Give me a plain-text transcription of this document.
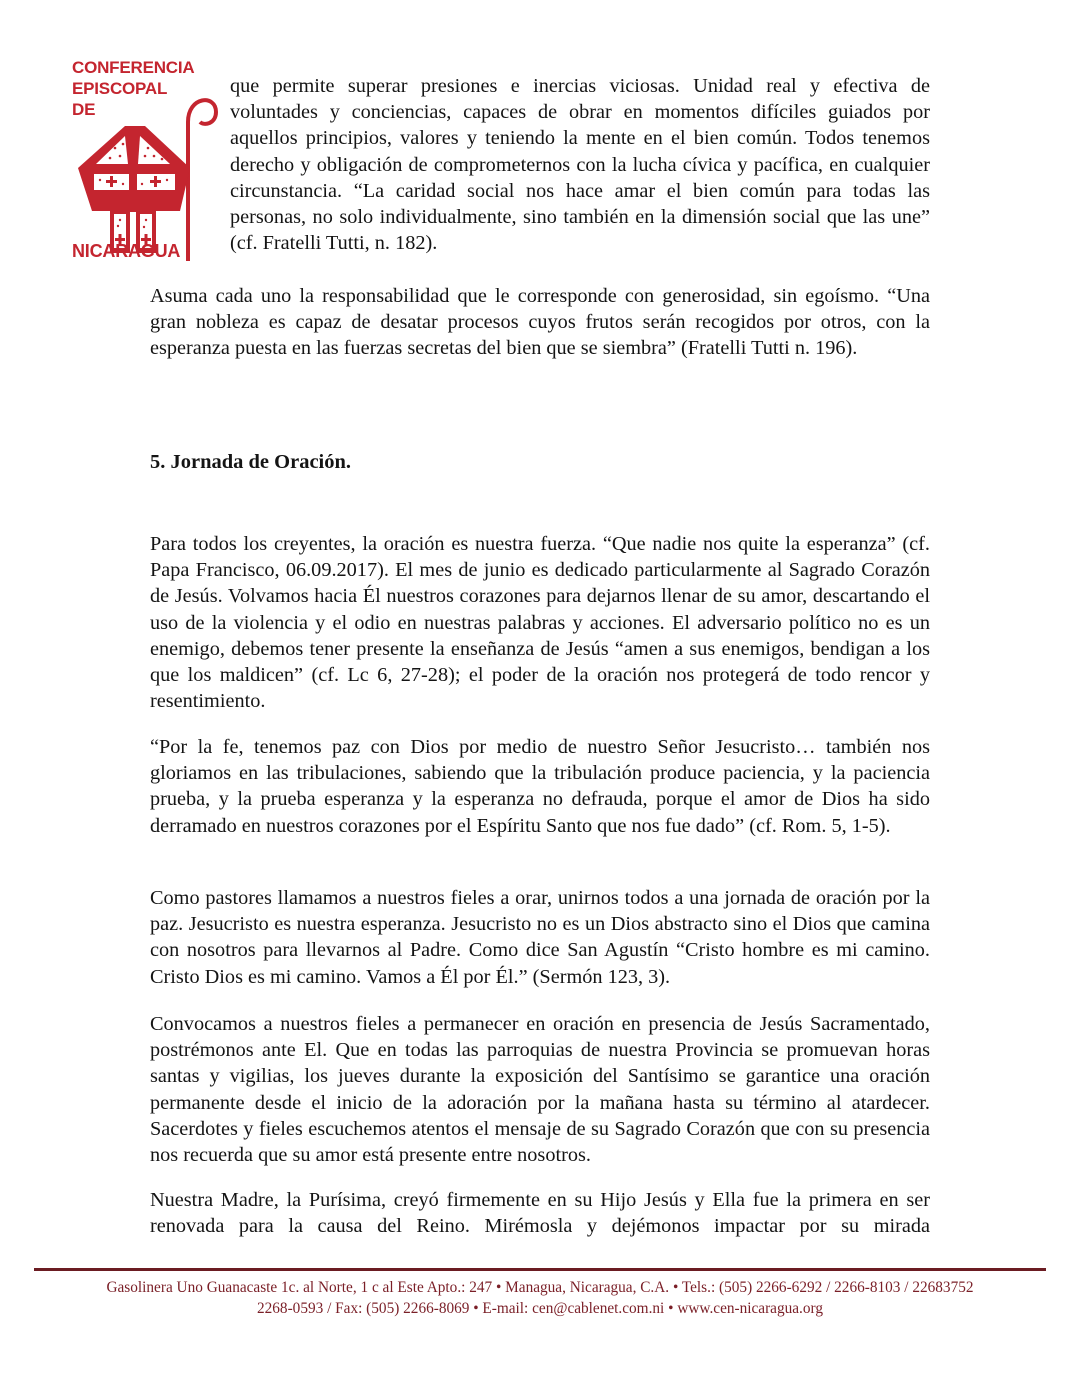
CONFERENCIA
EPISCOPAL
DE
NICARAGUA

que permite superar presiones e inercias viciosas. Unidad real y efectiva de voluntades y conciencias, capaces de obrar en momentos difíciles guiados por aquellos principios, valores y teniendo la mente en el bien común. Todos tenemos derecho y obligación de comprometernos con la lucha cívica y pacífica, en cualquier circunstancia. “La caridad social nos hace amar el bien común para todas las personas, no solo individualmente, sino también en la dimensión social que las une” (cf. Fratelli Tutti, n. 182).

Asuma cada uno la responsabilidad que le corresponde con generosidad, sin egoísmo. “Una gran nobleza es capaz de desatar procesos cuyos frutos serán recogidos por otros, con la esperanza puesta en las fuerzas secretas del bien que se siembra” (Fratelli Tutti n. 196).

5. Jornada de Oración.

Para todos los creyentes, la oración es nuestra fuerza. “Que nadie nos quite la esperanza” (cf. Papa Francisco, 06.09.2017). El mes de junio es dedicado particularmente al Sagrado Corazón de Jesús. Volvamos hacia Él nuestros corazones para dejarnos llenar de su amor, descartando el uso de la violencia y el odio en nuestras palabras y acciones. El adversario político no es un enemigo, debemos tener presente la enseñanza de Jesús “amen a sus enemigos, bendigan a los que los maldicen” (cf. Lc 6, 27-28); el poder de la oración nos protegerá de todo rencor y resentimiento.

“Por la fe, tenemos paz con Dios por medio de nuestro Señor Jesucristo… también nos gloriamos en las tribulaciones, sabiendo que la tribulación produce paciencia, y la paciencia prueba, y la prueba esperanza y la esperanza no defrauda, porque el amor de Dios ha sido derramado en nuestros corazones por el Espíritu Santo que nos fue dado” (cf. Rom. 5, 1-5).

Como pastores llamamos a nuestros fieles a orar, unirnos todos a una jornada de oración por la paz. Jesucristo es nuestra esperanza. Jesucristo no es un Dios abstracto sino el Dios que camina con nosotros para llevarnos al Padre. Como dice San Agustín “Cristo hombre es mi camino. Cristo Dios es mi camino. Vamos a Él por Él.” (Sermón 123, 3).

Convocamos a nuestros fieles a permanecer en oración en presencia de Jesús Sacramentado, postrémonos ante El. Que en todas las parroquias de nuestra Provincia se promuevan horas santas y vigilias, los jueves durante la exposición del Santísimo se garantice una oración permanente desde el inicio de la adoración por la mañana hasta su término al atardecer. Sacerdotes y fieles escuchemos atentos el mensaje de su Sagrado Corazón que con su presencia nos recuerda que su amor está presente entre nosotros.

Nuestra Madre, la Purísima, creyó firmemente en su Hijo Jesús y Ella fue la primera en ser renovada para la causa del Reino. Mirémosla y dejémonos impactar por su mirada

Gasolinera Uno Guanacaste 1c. al Norte, 1 c al Este Apto.: 247 • Managua, Nicaragua, C.A. • Tels.: (505) 2266-6292 / 2266-8103 / 22683752
2268-0593 / Fax: (505) 2266-8069 • E-mail: cen@cablenet.com.ni • www.cen-nicaragua.org
